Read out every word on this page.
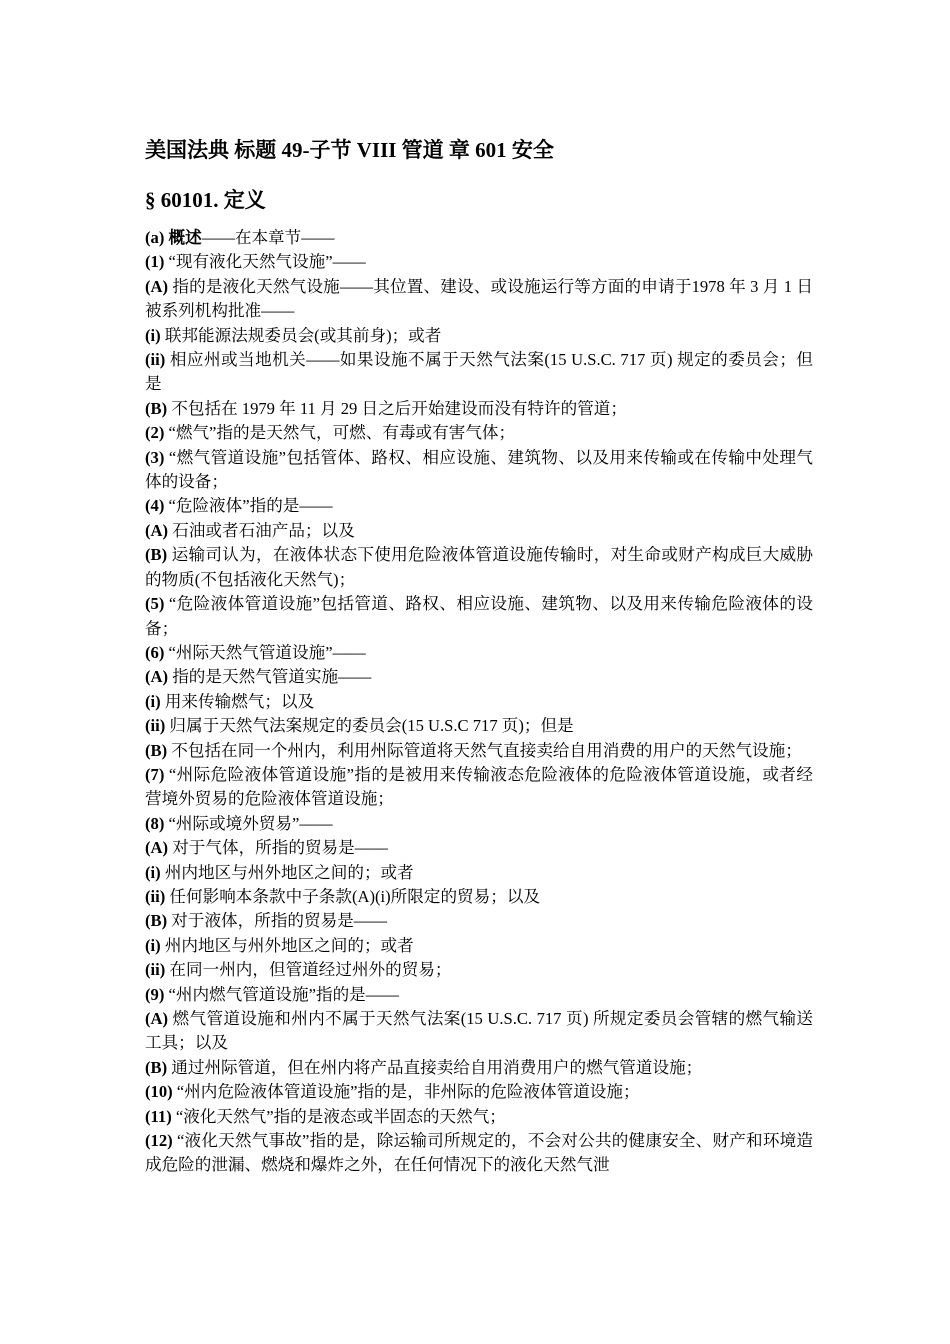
美国法典 标题 49-子节 VIII 管道 章 601 安全
§ 60101. 定义

(a) 概述——在本章节——

(1) “现有液化天然气设施”——

(A) 指的是液化天然气设施——其位置、建设、或设施运行等方面的申请于1978 年 3 月 1 日被系列机构批准——

(i) 联邦能源法规委员会(或其前身)；或者

(ii) 相应州或当地机关——如果设施不属于天然气法案(15 U.S.C. 717 页) 规定的委员会；但是

(B) 不包括在 1979 年 11 月 29 日之后开始建设而没有特许的管道；

(2) “燃气”指的是天然气，可燃、有毒或有害气体；

(3) “燃气管道设施”包括管体、路权、相应设施、建筑物、以及用来传输或在传输中处理气体的设备；

(4) “危险液体”指的是——

(A) 石油或者石油产品；以及

(B) 运输司认为，在液体状态下使用危险液体管道设施传输时，对生命或财产构成巨大威胁的物质(不包括液化天然气)；

(5) “危险液体管道设施”包括管道、路权、相应设施、建筑物、以及用来传输危险液体的设备；

(6) “州际天然气管道设施”——

(A) 指的是天然气管道实施——

(i) 用来传输燃气；以及

(ii) 归属于天然气法案规定的委员会(15 U.S.C 717 页)；但是

(B) 不包括在同一个州内，利用州际管道将天然气直接卖给自用消费的用户的天然气设施；

(7) “州际危险液体管道设施”指的是被用来传输液态危险液体的危险液体管道设施，或者经营境外贸易的危险液体管道设施；

(8) “州际或境外贸易”——

(A) 对于气体，所指的贸易是——

(i) 州内地区与州外地区之间的；或者

(ii) 任何影响本条款中子条款(A)(i)所限定的贸易；以及

(B) 对于液体，所指的贸易是——

(i) 州内地区与州外地区之间的；或者

(ii) 在同一州内，但管道经过州外的贸易；

(9) “州内燃气管道设施”指的是——

(A) 燃气管道设施和州内不属于天然气法案(15 U.S.C. 717 页) 所规定委员会管辖的燃气输送工具；以及

(B) 通过州际管道，但在州内将产品直接卖给自用消费用户的燃气管道设施；

(10) “州内危险液体管道设施”指的是，非州际的危险液体管道设施；

(11) “液化天然气”指的是液态或半固态的天然气；

(12) “液化天然气事故”指的是，除运输司所规定的，不会对公共的健康安全、财产和环境造成危险的泄漏、燃烧和爆炸之外，在任何情况下的液化天然气泄
